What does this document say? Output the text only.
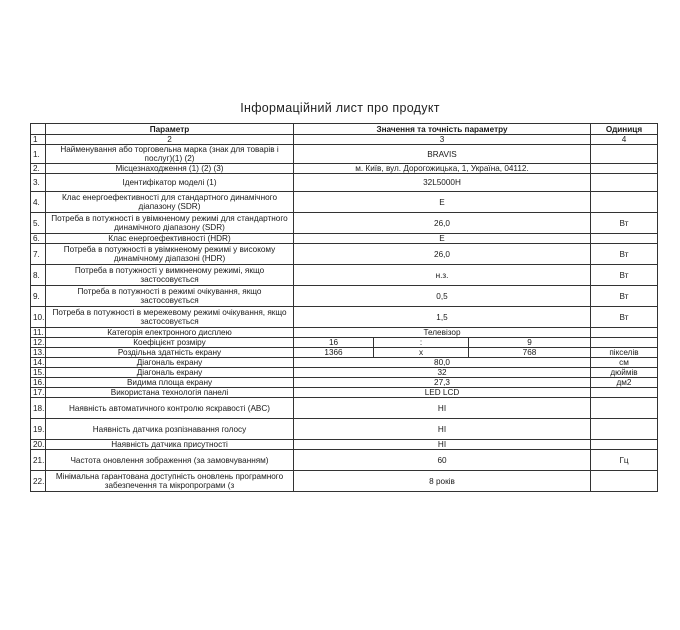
Інформаційний лист про продукт
	Параметр	Значення та точність параметру			Одиниця
1	2	3			4
1.	Найменування або торговельна марка (знак для товарів і послуг)(1) (2)	BRAVIS			
2.	Місцезнаходження (1) (2) (3)	м. Київ, вул. Дорогожицька, 1, Україна, 04112.			
3.	Ідентифікатор моделі (1)	32L5000H			
4.	Клас енергоефективності для стандартного динамічного діапазону (SDR)	E			
5.	Потреба в потужності в увімкненому режимі для стандартного динамічного діапазону (SDR)	26,0			Вт
6.	Клас енергоефективності (HDR)	E			
7.	Потреба в потужності в увімкненому режимі у високому динамічному діапазоні (HDR)	26,0			Вт
8.	Потреба в потужності у вимкненому режимі, якщо застосовується	н.з.			Вт
9.	Потреба в потужності в режимі очікування, якщо застосовується	0,5			Вт
10.	Потреба в потужності в мережевому режимі очікування, якщо застосовується	1,5			Вт
11.	Категорія електронного дисплею	Телевізор			
12.	Коефіцієнт розміру	16	:	9	
13.	Роздільна здатність екрану	1366	x	768	пікселів
14.	Діагональ екрану	80,0			см
15.	Діагональ екрану	32			дюймів
16.	Видима площа екрану	27,3			дм2
17.	Використана технологія панелі	LED LCD			
18.	Наявність автоматичного контролю яскравості (ABC)	НІ			
19.	Наявність датчика розпізнавання голосу	НІ			
20.	Наявність датчика присутності	НІ			
21.	Частота оновлення зображення (за замовчуванням)	60			Гц
22.	Мінімальна гарантована доступність оновлень програмного забезпечення та мікропрограми (з	8 років			
